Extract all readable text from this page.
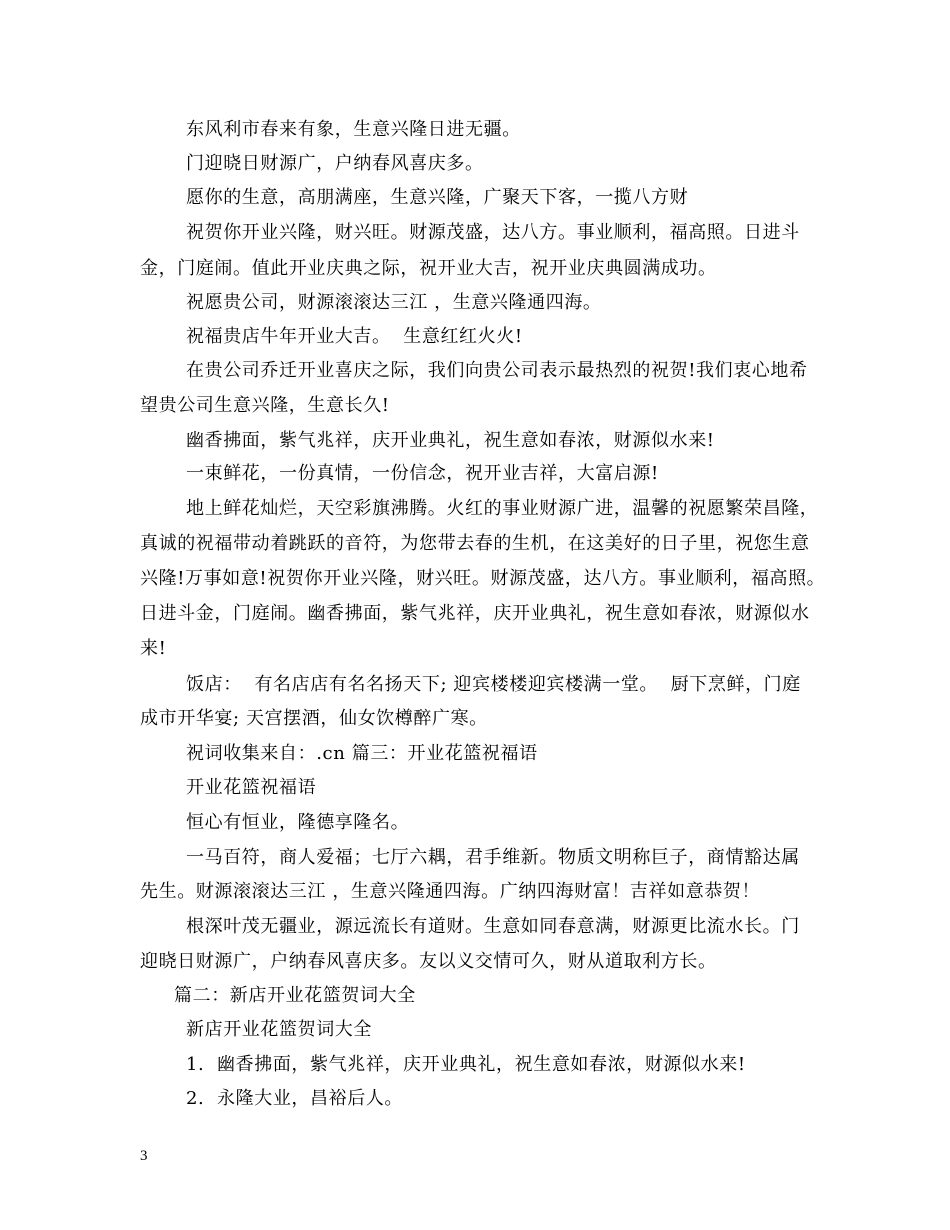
东风利市春来有象，生意兴隆日进无疆。
门迎晓日财源广，户纳春风喜庆多。
愿你的生意，高朋满座，生意兴隆，广聚天下客，一揽八方财
祝贺你开业兴隆，财兴旺。财源茂盛，达八方。事业顺利，福高照。日进斗
金，门庭闹。值此开业庆典之际，祝开业大吉，祝开业庆典圆满成功。
祝愿贵公司，财源滚滚达三江 ，生意兴隆通四海。
祝福贵店牛年开业大吉。  生意红红火火!
在贵公司乔迁开业喜庆之际，我们向贵公司表示最热烈的祝贺!我们衷心地希
望贵公司生意兴隆，生意长久!
幽香拂面，紫气兆祥，庆开业典礼，祝生意如春浓，财源似水来!
一束鲜花，一份真情，一份信念，祝开业吉祥，大富启源!
地上鲜花灿烂，天空彩旗沸腾。火红的事业财源广进，温馨的祝愿繁荣昌隆，
真诚的祝福带动着跳跃的音符，为您带去春的生机，在这美好的日子里，祝您生意
兴隆!万事如意!祝贺你开业兴隆，财兴旺。财源茂盛，达八方。事业顺利，福高照。
日进斗金，门庭闹。幽香拂面，紫气兆祥，庆开业典礼，祝生意如春浓，财源似水
来!
饭店：  有名店店有名名扬天下; 迎宾楼楼迎宾楼满一堂。  厨下烹鲜，门庭
成市开华宴; 天宫摆酒，仙女饮樽醉广寒。
祝词收集来自：.cn 篇三：开业花篮祝福语
开业花篮祝福语
恒心有恒业，隆德享隆名。
一马百符，商人爱福；七厅六耦，君手维新。物质文明称巨子，商情豁达属
先生。财源滚滚达三江 ，生意兴隆通四海。广纳四海财富！吉祥如意恭贺！
根深叶茂无疆业，源远流长有道财。生意如同春意满，财源更比流水长。门
迎晓日财源广，户纳春风喜庆多。友以义交情可久，财从道取利方长。
篇二：新店开业花篮贺词大全
新店开业花篮贺词大全
1.  幽香拂面，紫气兆祥，庆开业典礼，祝生意如春浓，财源似水来!
2.  永隆大业，昌裕后人。
3
